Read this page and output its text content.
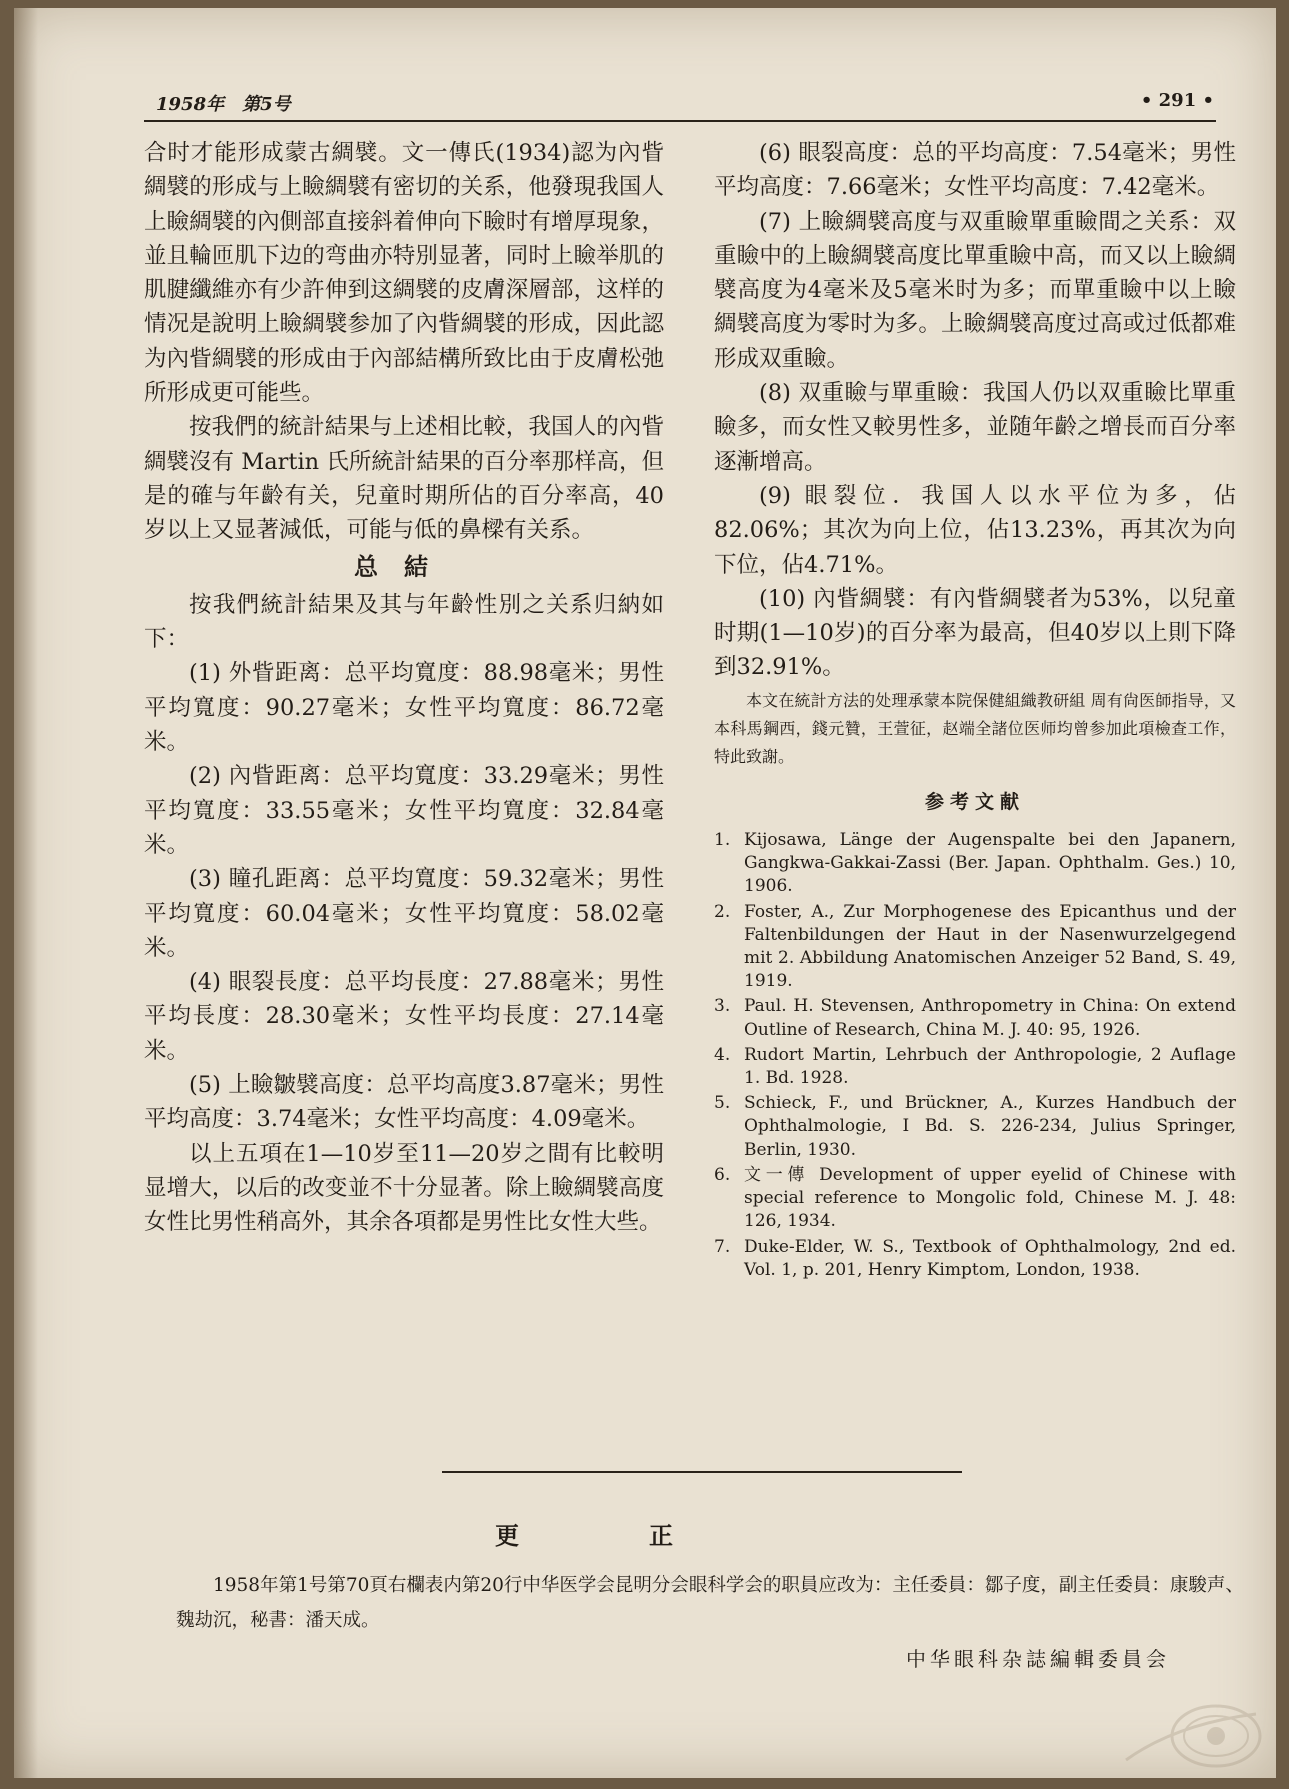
1958年　第5号	• 291 •

合时才能形成蒙古綢襞。文一傳氏(1934)認为內眥綢襞的形成与上瞼綢襞有密切的关系，他發現我国人上瞼綢襞的內側部直接斜着伸向下瞼时有增厚現象，並且輪匝肌下边的弯曲亦特別显著，同时上瞼举肌的肌腱纖維亦有少許伸到这綢襞的皮膚深層部，这样的情况是說明上瞼綢襞参加了內眥綢襞的形成，因此認为內眥綢襞的形成由于內部結構所致比由于皮膚松弛所形成更可能些。

按我們的統計結果与上述相比較，我国人的內眥綢襞沒有 Martin 氏所統計結果的百分率那样高，但是的確与年齡有关，兒童时期所佔的百分率高，40岁以上又显著減低，可能与低的鼻樑有关系。

总結

按我們統計結果及其与年齡性別之关系归納如下：

(1) 外眥距离：总平均寬度：88.98毫米；男性平均寬度：90.27毫米；女性平均寬度：86.72毫米。

(2) 內眥距离：总平均寬度：33.29毫米；男性平均寬度：33.55毫米；女性平均寬度：32.84毫米。

(3) 瞳孔距离：总平均寬度：59.32毫米；男性平均寬度：60.04毫米；女性平均寬度：58.02毫米。

(4) 眼裂長度：总平均長度：27.88毫米；男性平均長度：28.30毫米；女性平均長度：27.14毫米。

(5) 上瞼皺襞高度：总平均高度3.87毫米；男性平均高度：3.74毫米；女性平均高度：4.09毫米。

以上五項在1—10岁至11—20岁之間有比較明显增大，以后的改变並不十分显著。除上瞼綢襞高度女性比男性稍高外，其余各項都是男性比女性大些。

(6) 眼裂高度：总的平均高度：7.54毫米；男性平均高度：7.66毫米；女性平均高度：7.42毫米。

(7) 上瞼綢襞高度与双重瞼單重瞼間之关系：双重瞼中的上瞼綢襞高度比單重瞼中高，而又以上瞼綢襞高度为4毫米及5毫米时为多；而單重瞼中以上瞼綢襞高度为零时为多。上瞼綢襞高度过高或过低都难形成双重瞼。

(8) 双重瞼与單重瞼：我国人仍以双重瞼比單重瞼多，而女性又較男性多，並随年齡之增長而百分率逐漸增高。

(9) 眼裂位．我国人以水平位为多，佔82.06%；其次为向上位，佔13.23%，再其次为向下位，佔4.71%。

(10) 內眥綢襞：有內眥綢襞者为53%，以兒童时期(1—10岁)的百分率为最高，但40岁以上則下降到32.91%。

本文在統計方法的处理承蒙本院保健組織教研組 周有尙医師指导，又本科馬鋼西，錢元贊，王萱征，赵端全諸位医师均曾参加此項檢查工作，特此致謝。

参考文献

1. Kijosawa, Länge der Augenspalte bei den Japanern, Gangkwa-Gakkai-Zassi (Ber. Japan. Ophthalm. Ges.) 10, 1906.
2. Foster, A., Zur Morphogenese des Epicanthus und der Faltenbildungen der Haut in der Nasenwurzelgegend mit 2. Abbildung Anatomischen Anzeiger 52 Band, S. 49, 1919.
3. Paul. H. Stevensen, Anthropometry in China: On extend Outline of Research, China M. J. 40: 95, 1926.
4. Rudort Martin, Lehrbuch der Anthropologie, 2 Auflage 1. Bd. 1928.
5. Schieck, F., und Brückner, A., Kurzes Handbuch der Ophthalmologie, I Bd. S. 226-234, Julius Springer, Berlin, 1930.
6. 文一傳 Development of upper eyelid of Chinese with special reference to Mongolic fold, Chinese M. J. 48: 126, 1934.
7. Duke-Elder, W. S., Textbook of Ophthalmology, 2nd ed. Vol. 1, p. 201, Henry Kimptom, London, 1938.
更正
1958年第1号第70頁右欄表内第20行中华医学会昆明分会眼科学会的职員应改为：主任委員：鄒子度，副主任委員：康駿声、魏劫沉，秘書：潘天成。
中华眼科杂誌編輯委員会
